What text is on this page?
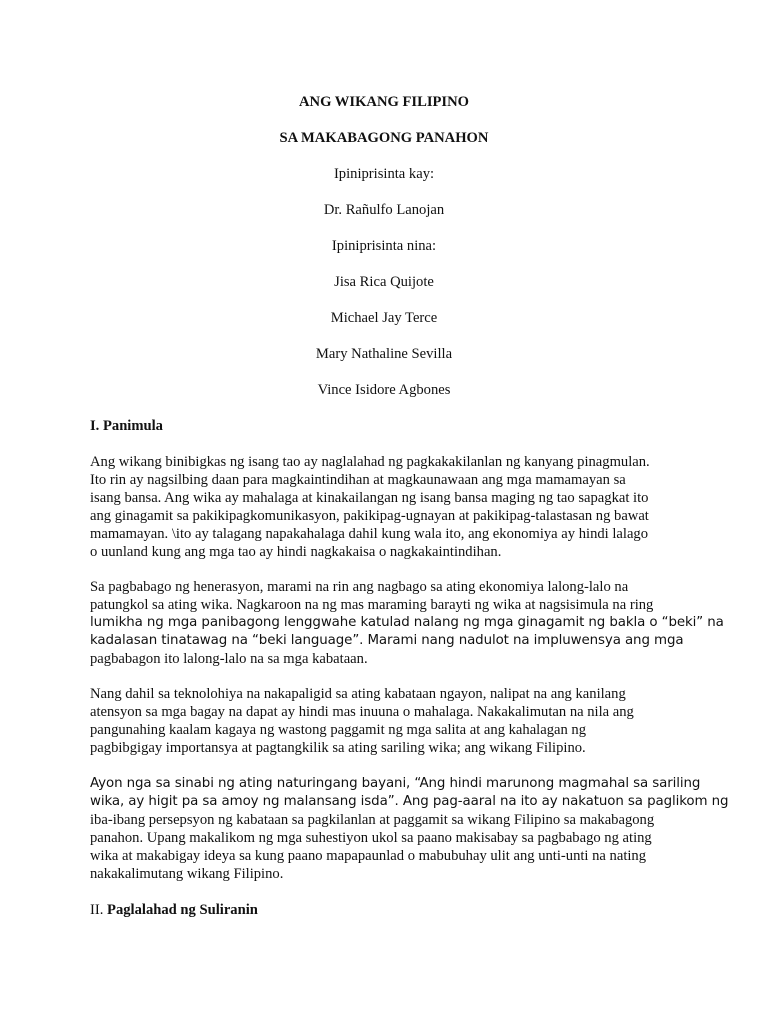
ANG WIKANG FILIPINO
SA MAKABAGONG PANAHON
Ipiniprisinta kay:
Dr. Rañulfo Lanojan
Ipiniprisinta nina:
Jisa Rica Quijote
Michael Jay Terce
Mary Nathaline Sevilla
Vince Isidore Agbones
I. Panimula
Ang wikang binibigkas ng isang tao ay naglalahad ng pagkakakilanlan ng kanyang pinagmulan.
Ito rin ay nagsilbing daan para magkaintindihan at magkaunawaan ang mga mamamayan sa
isang bansa. Ang wika ay mahalaga at kinakailangan ng isang bansa maging ng tao sapagkat ito
ang ginagamit sa pakikipagkomunikasyon, pakikipag-ugnayan at pakikipag-talastasan ng bawat
mamamayan. \ito ay talagang napakahalaga dahil kung wala ito, ang ekonomiya ay hindi lalago
o uunland kung ang mga tao ay hindi nagkakaisa o nagkakaintindihan.
Sa pagbabago ng henerasyon, marami na rin ang nagbago sa ating ekonomiya lalong-lalo na
patungkol sa ating wika. Nagkaroon na ng mas maraming barayti ng wika at nagsisimula na ring
lumikha ng mga panibagong lenggwahe katulad nalang ng mga ginagamit ng bakla o “beki” na
kadalasan tinatawag na “beki language”. Marami nang nadulot na impluwensya ang mga
pagbabagon ito lalong-lalo na sa mga kabataan.
Nang dahil sa teknolohiya na nakapaligid sa ating kabataan ngayon, nalipat na ang kanilang
atensyon sa mga bagay na dapat ay hindi mas inuuna o mahalaga. Nakakalimutan na nila ang
pangunahing kaalam kagaya ng wastong paggamit ng mga salita at ang kahalagan ng
pagbibgigay importansya at pagtangkilik sa ating sariling wika; ang wikang Filipino.
Ayon nga sa sinabi ng ating naturingang bayani, “Ang hindi marunong magmahal sa sariling
wika, ay higit pa sa amoy ng malansang isda”. Ang pag-aaral na ito ay nakatuon sa paglikom ng
iba-ibang persepsyon ng kabataan sa pagkilanlan at paggamit sa wikang Filipino sa makabagong
panahon. Upang makalikom ng mga suhestiyon ukol sa paano makisabay sa pagbabago ng ating
wika at makabigay ideya sa kung paano mapapaunlad o mabubuhay ulit ang unti-unti na nating
nakakalimutang wikang Filipino.
II. Paglalahad ng Suliranin
